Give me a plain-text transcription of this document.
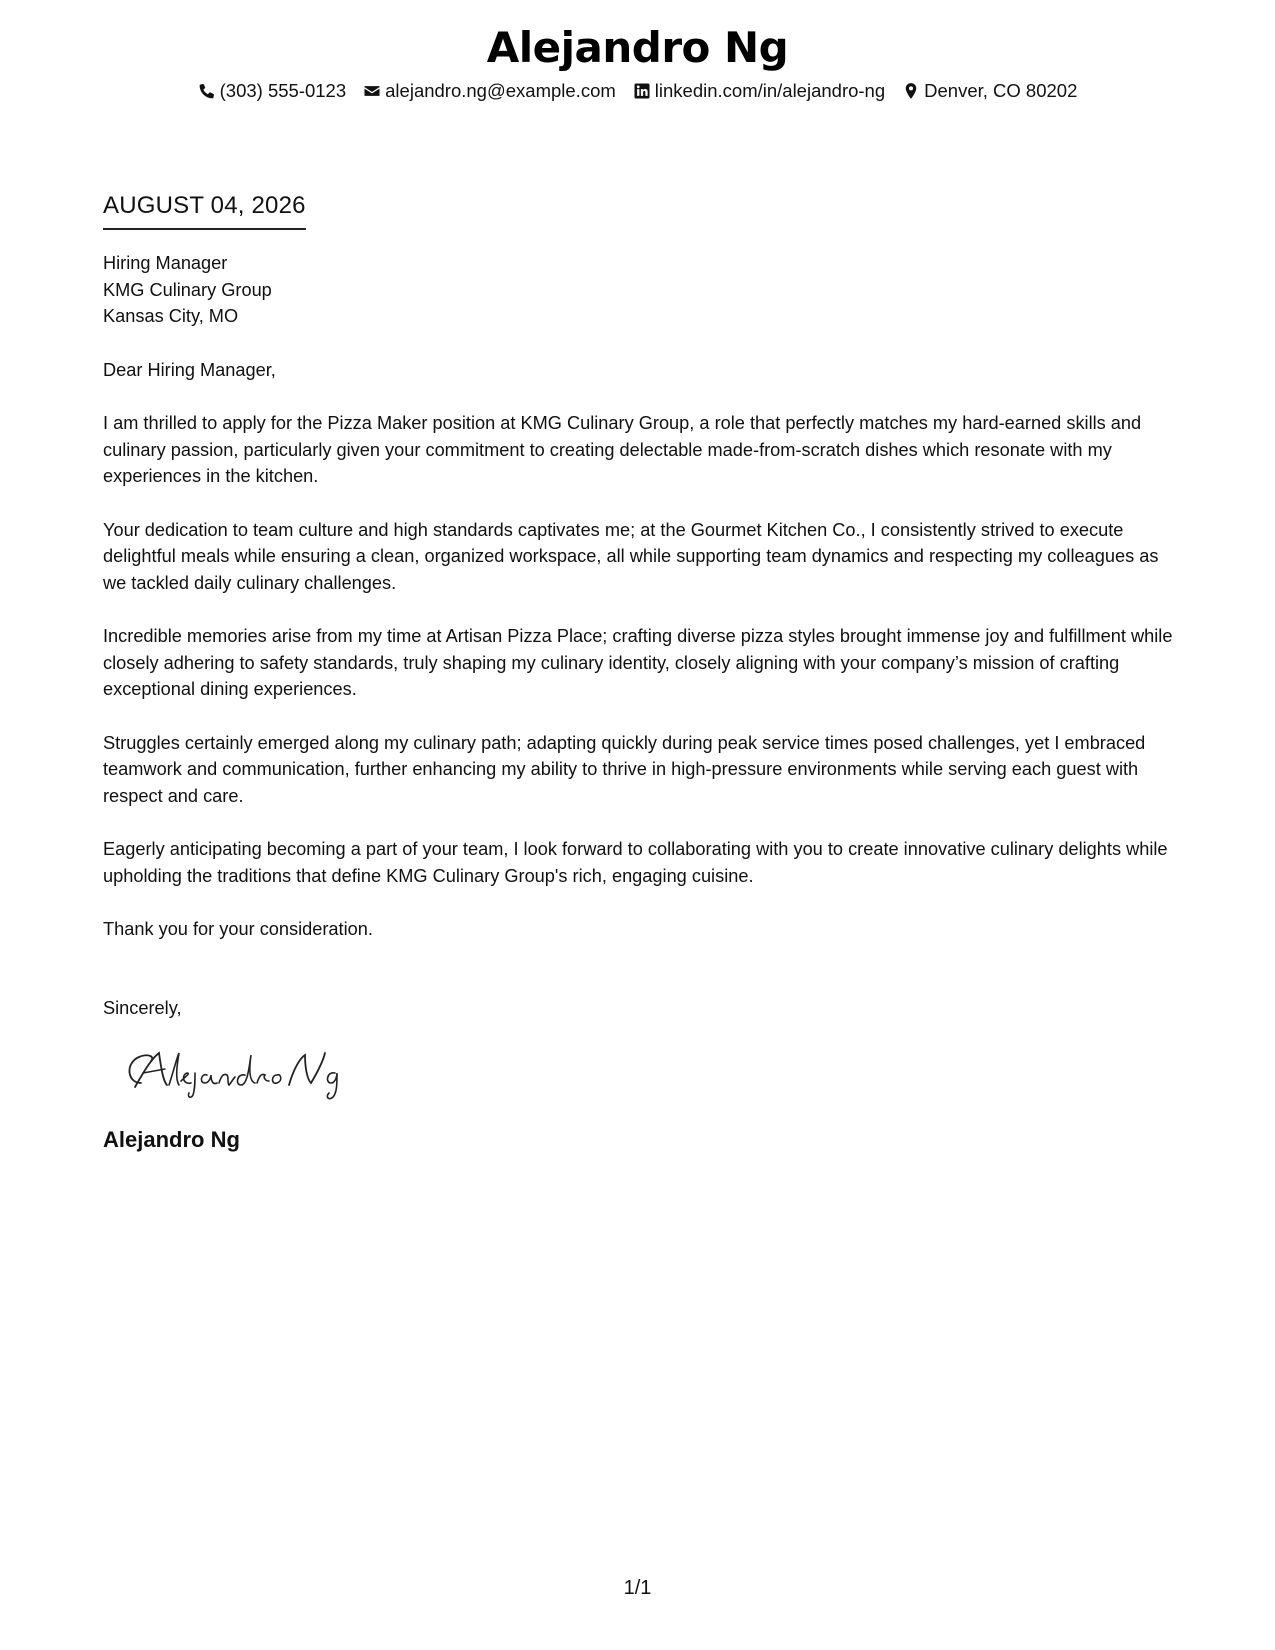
Alejandro Ng
(303) 555-0123 alejandro.ng@example.com linkedin.com/in/alejandro-ng Denver, CO 80202
AUGUST 04, 2026
Hiring Manager
KMG Culinary Group
Kansas City, MO
Dear Hiring Manager,

I am thrilled to apply for the Pizza Maker position at KMG Culinary Group, a role that perfectly matches my hard-earned skills and culinary passion, particularly given your commitment to creating delectable made-from-scratch dishes which resonate with my experiences in the kitchen.

Your dedication to team culture and high standards captivates me; at the Gourmet Kitchen Co., I consistently strived to execute delightful meals while ensuring a clean, organized workspace, all while supporting team dynamics and respecting my colleagues as we tackled daily culinary challenges.

Incredible memories arise from my time at Artisan Pizza Place; crafting diverse pizza styles brought immense joy and fulfillment while closely adhering to safety standards, truly shaping my culinary identity, closely aligning with your company’s mission of crafting exceptional dining experiences.

Struggles certainly emerged along my culinary path; adapting quickly during peak service times posed challenges, yet I embraced teamwork and communication, further enhancing my ability to thrive in high-pressure environments while serving each guest with respect and care.

Eagerly anticipating becoming a part of your team, I look forward to collaborating with you to create innovative culinary delights while upholding the traditions that define KMG Culinary Group's rich, engaging cuisine.

Thank you for your consideration.

Sincerely,
Alejandro Ng
1/1
